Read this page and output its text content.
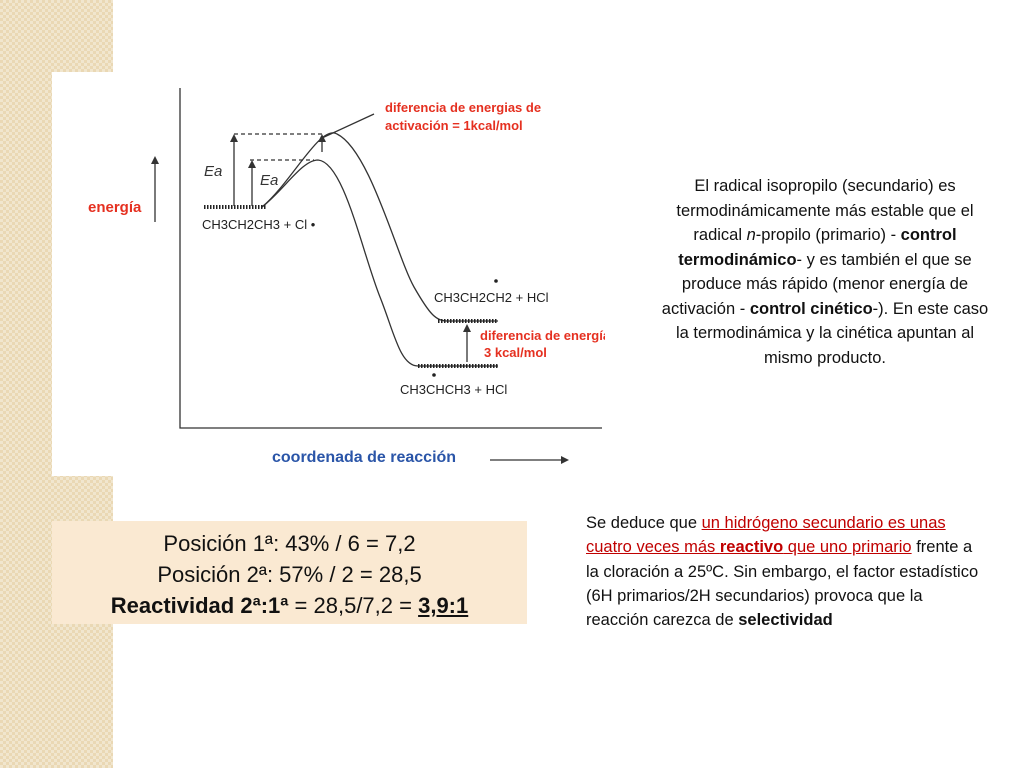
energía
coordenada de reacción
Ea
Ea
diferencia de energias de
activación = 1kcal/mol
CH3CH2CH3 + Cl •
CH3CH2CH2 + HCl
CH3CHCH3 + HCl
diferencia de energía
3 kcal/mol
El radical isopropilo (secundario) es termodinámicamente más estable que el radical n-propilo (primario) - control termodinámico- y es también el que se produce más rápido (menor energía de activación - control cinético-). En este caso la termodinámica y la cinética apuntan al mismo producto.
Posición 1ª: 43% / 6 = 7,2
Posición 2ª: 57% / 2 = 28,5
Reactividad 2ª:1ª = 28,5/7,2 = 3,9:1
Se deduce que un hidrógeno secundario es unas cuatro veces más reactivo que uno primario frente a la cloración a 25ºC. Sin embargo, el factor estadístico (6H primarios/2H secundarios) provoca que la reacción carezca de selectividad
